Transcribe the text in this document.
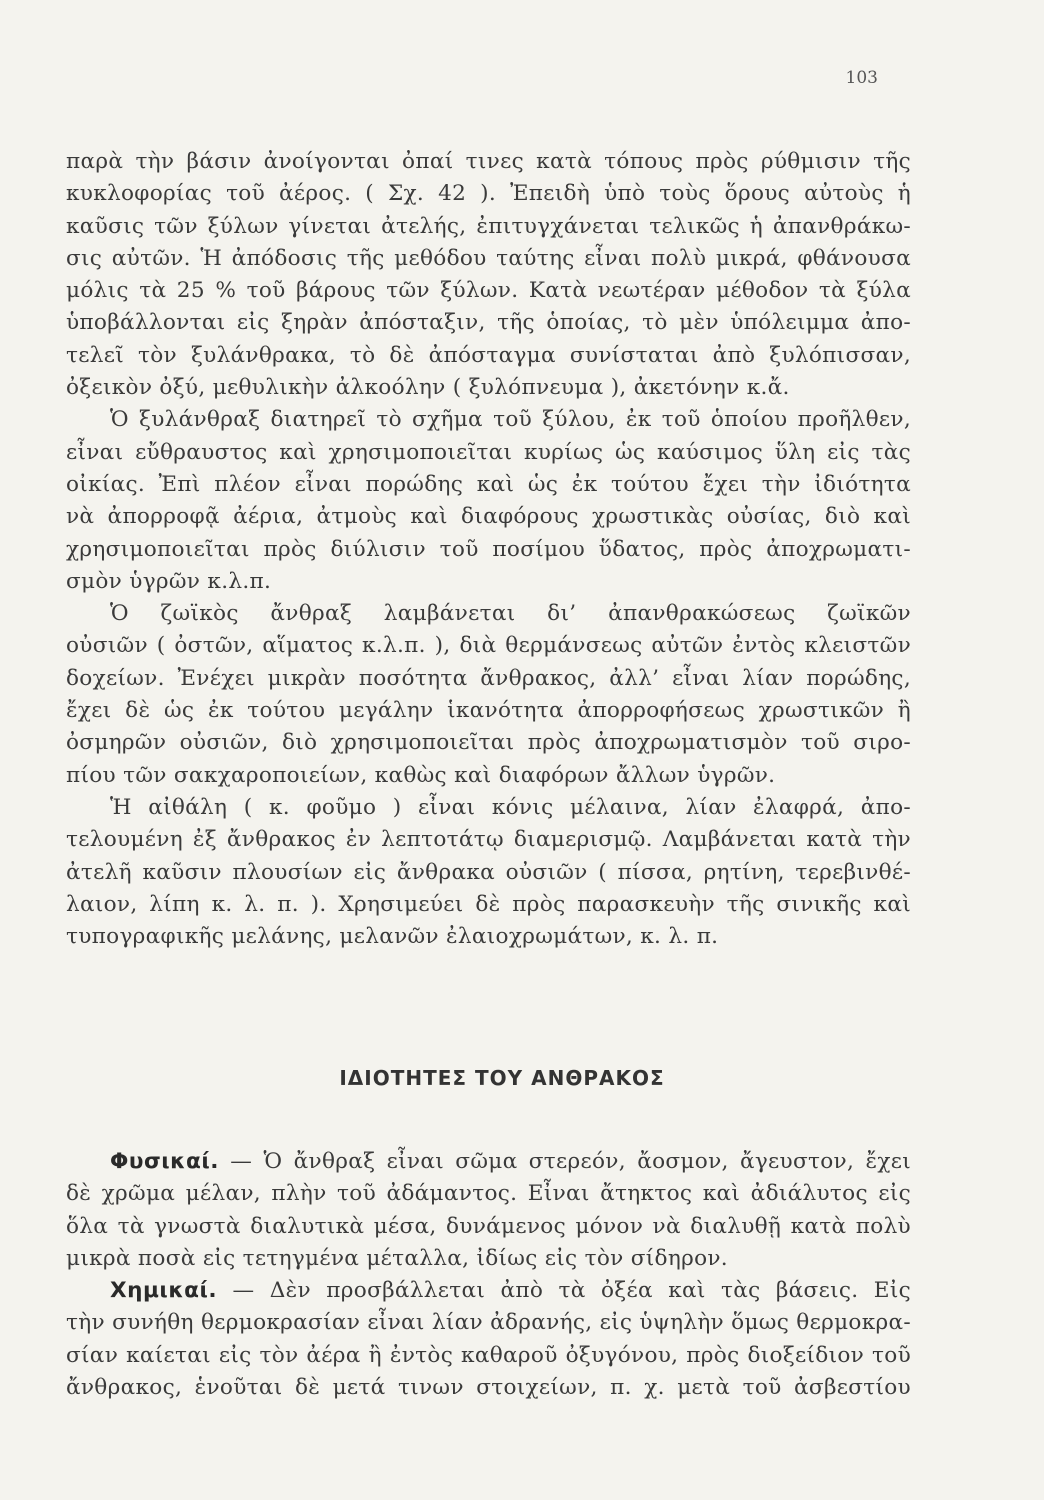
103
παρὰ τὴν βάσιν ἀνοίγονται ὀπαί τινες κατὰ τόπους πρὸς ρύθμισιν τῆς
κυκλοφορίας τοῦ ἀέρος. ( Σχ. 42 ). Ἐπειδὴ ὑπὸ τοὺς ὅρους αὐτοὺς ἡ
καῦσις τῶν ξύλων γίνεται ἀτελής, ἐπιτυγχάνεται τελικῶς ἡ ἀπανθράκω-
σις αὐτῶν. Ἡ ἀπόδοσις τῆς μεθόδου ταύτης εἶναι πολὺ μικρά, φθάνουσα
μόλις τὰ 25 % τοῦ βάρους τῶν ξύλων. Κατὰ νεωτέραν μέθοδον τὰ ξύλα
ὑποβάλλονται εἰς ξηρὰν ἀπόσταξιν, τῆς ὁποίας, τὸ μὲν ὑπόλειμμα ἀπο-
τελεῖ τὸν ξυλάνθρακα, τὸ δὲ ἀπόσταγμα συνίσταται ἀπὸ ξυλόπισσαν,
ὀξεικὸν ὀξύ, μεθυλικὴν ἀλκοόλην ( ξυλόπνευμα ), ἀκετόνην κ.ἄ.
Ὁ ξυλάνθραξ διατηρεῖ τὸ σχῆμα τοῦ ξύλου, ἐκ τοῦ ὁποίου προῆλθεν,
εἶναι εὔθραυστος καὶ χρησιμοποιεῖται κυρίως ὡς καύσιμος ὕλη εἰς τὰς
οἰκίας. Ἐπὶ πλέον εἶναι πορώδης καὶ ὡς ἐκ τούτου ἔχει τὴν ἰδιότητα
νὰ ἀπορροφᾷ ἀέρια, ἀτμοὺς καὶ διαφόρους χρωστικὰς οὐσίας, διὸ καὶ
χρησιμοποιεῖται πρὸς διύλισιν τοῦ ποσίμου ὕδατος, πρὸς ἀποχρωματι-
σμὸν ὑγρῶν κ.λ.π.
Ὁ ζωϊκὸς ἄνθραξ λαμβάνεται δι’ ἀπανθρακώσεως ζωϊκῶν
οὐσιῶν ( ὀστῶν, αἵματος κ.λ.π. ), διὰ θερμάνσεως αὐτῶν ἐντὸς κλειστῶν
δοχείων. Ἐνέχει μικρὰν ποσότητα ἄνθρακος, ἀλλ’ εἶναι λίαν πορώδης,
ἔχει δὲ ὡς ἐκ τούτου μεγάλην ἱκανότητα ἀπορροφήσεως χρωστικῶν ἢ
ὀσμηρῶν οὐσιῶν, διὸ χρησιμοποιεῖται πρὸς ἀποχρωματισμὸν τοῦ σιρο-
πίου τῶν σακχαροποιείων, καθὼς καὶ διαφόρων ἄλλων ὑγρῶν.
Ἡ αἰθάλη ( κ. φοῦμο ) εἶναι κόνις μέλαινα, λίαν ἐλαφρά, ἀπο-
τελουμένη ἐξ ἄνθρακος ἐν λεπτοτάτῳ διαμερισμῷ. Λαμβάνεται κατὰ τὴν
ἀτελῆ καῦσιν πλουσίων εἰς ἄνθρακα οὐσιῶν ( πίσσα, ρητίνη, τερεβινθέ-
λαιον, λίπη κ. λ. π. ). Χρησιμεύει δὲ πρὸς παρασκευὴν τῆς σινικῆς καὶ
τυπογραφικῆς μελάνης, μελανῶν ἐλαιοχρωμάτων, κ. λ. π.
ΙΔΙΟΤΗΤΕΣ ΤΟΥ ΑΝΘΡΑΚΟΣ
Φυσικαί. — Ὁ ἄνθραξ εἶναι σῶμα στερεόν, ἄοσμον, ἄγευστον, ἔχει
δὲ χρῶμα μέλαν, πλὴν τοῦ ἀδάμαντος. Εἶναι ἄτηκτος καὶ ἀδιάλυτος εἰς
ὅλα τὰ γνωστὰ διαλυτικὰ μέσα, δυνάμενος μόνον νὰ διαλυθῇ κατὰ πολὺ
μικρὰ ποσὰ εἰς τετηγμένα μέταλλα, ἰδίως εἰς τὸν σίδηρον.
Χημικαί. — Δὲν προσβάλλεται ἀπὸ τὰ ὀξέα καὶ τὰς βάσεις. Εἰς
τὴν συνήθη θερμοκρασίαν εἶναι λίαν ἀδρανής, εἰς ὑψηλὴν ὅμως θερμοκρα-
σίαν καίεται εἰς τὸν ἀέρα ἢ ἐντὸς καθαροῦ ὀξυγόνου, πρὸς διοξείδιον τοῦ
ἄνθρακος, ἑνοῦται δὲ μετά τινων στοιχείων, π. χ. μετὰ τοῦ ἀσβεστίου
